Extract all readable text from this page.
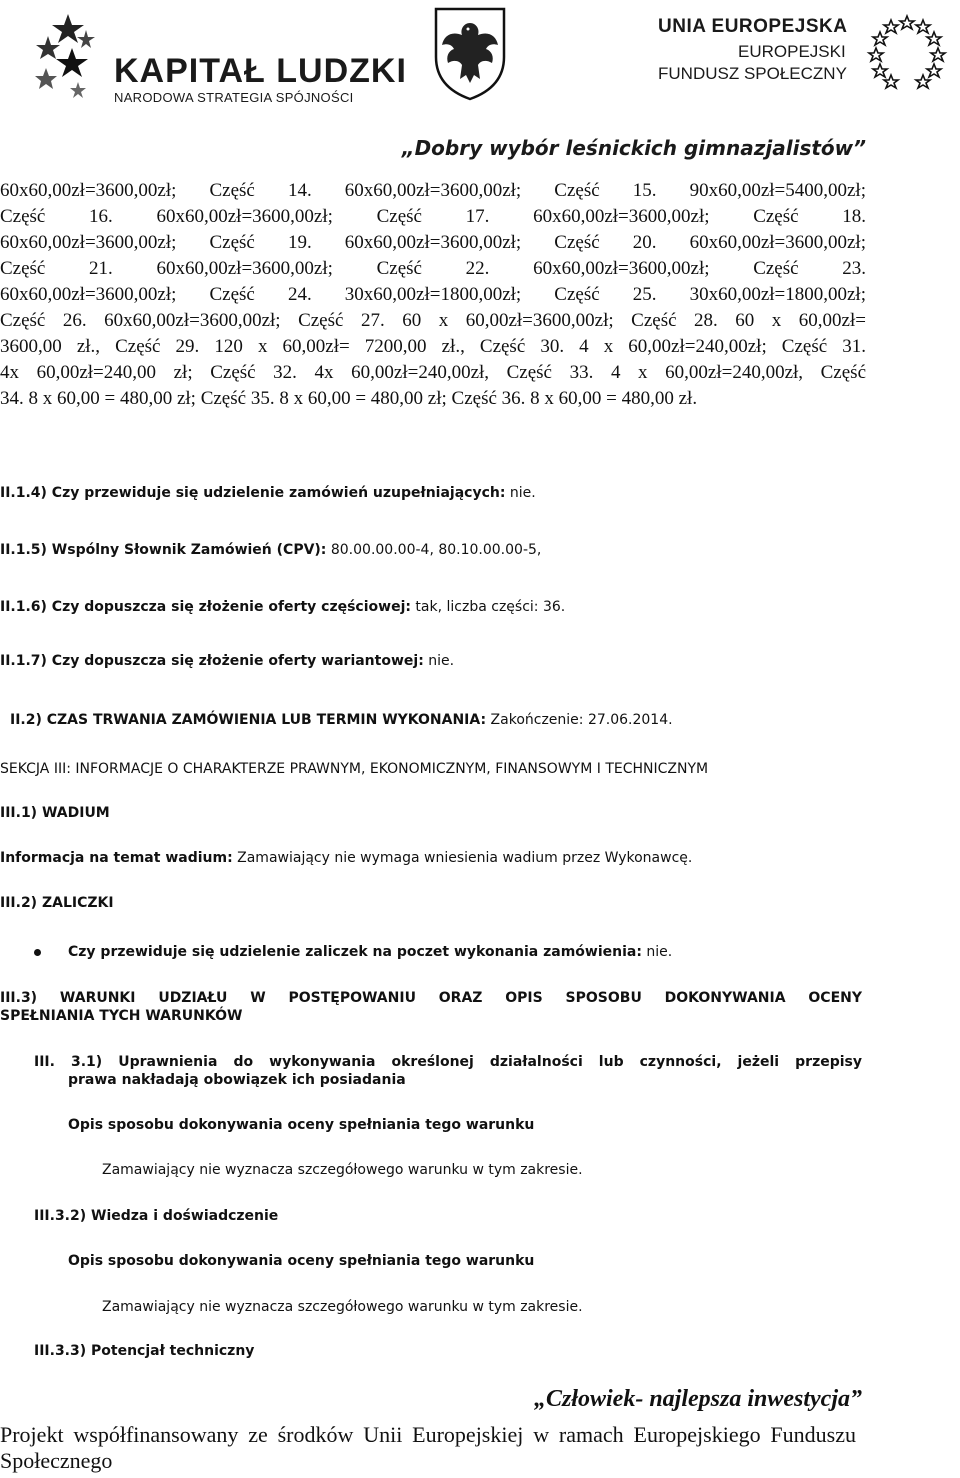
KAPITAŁ LUDZKI
NARODOWA STRATEGIA SPÓJNOŚCI
UNIA EUROPEJSKA
EUROPEJSKI
FUNDUSZ SPOŁECZNY
„Dobry wybór leśnickich gimnazjalistów”
60x60,00zł=3600,00zł; Część 14. 60x60,00zł=3600,00zł; Część 15. 90x60,00zł=5400,00zł;
Część 16. 60x60,00zł=3600,00zł; Część 17. 60x60,00zł=3600,00zł; Część 18.
60x60,00zł=3600,00zł; Część 19. 60x60,00zł=3600,00zł; Część 20. 60x60,00zł=3600,00zł;
Część 21. 60x60,00zł=3600,00zł; Część 22. 60x60,00zł=3600,00zł; Część 23.
60x60,00zł=3600,00zł; Część 24. 30x60,00zł=1800,00zł; Część 25. 30x60,00zł=1800,00zł;
Część 26. 60x60,00zł=3600,00zł; Część 27. 60 x 60,00zł=3600,00zł; Część 28. 60 x 60,00zł=
3600,00 zł., Część 29. 120 x 60,00zł= 7200,00 zł., Część 30. 4 x 60,00zł=240,00zł; Część 31.
4x 60,00zł=240,00 zł; Część 32. 4x 60,00zł=240,00zł, Część 33. 4 x 60,00zł=240,00zł, Część
34. 8 x 60,00 = 480,00 zł; Część 35. 8 x 60,00 = 480,00 zł; Część 36. 8 x 60,00 = 480,00 zł.
II.1.4) Czy przewiduje się udzielenie zamówień uzupełniających: nie.
II.1.5) Wspólny Słownik Zamówień (CPV): 80.00.00.00-4, 80.10.00.00-5,
II.1.6) Czy dopuszcza się złożenie oferty częściowej: tak, liczba części: 36.
II.1.7) Czy dopuszcza się złożenie oferty wariantowej: nie.
II.2) CZAS TRWANIA ZAMÓWIENIA LUB TERMIN WYKONANIA: Zakończenie: 27.06.2014.
SEKCJA III: INFORMACJE O CHARAKTERZE PRAWNYM, EKONOMICZNYM, FINANSOWYM I TECHNICZNYM
III.1) WADIUM
Informacja na temat wadium: Zamawiający nie wymaga wniesienia wadium przez Wykonawcę.
III.2) ZALICZKI
Czy przewiduje się udzielenie zaliczek na poczet wykonania zamówienia: nie.
III.3) WARUNKI UDZIAŁU W POSTĘPOWANIU ORAZ OPIS SPOSOBU DOKONYWANIA OCENY
SPEŁNIANIA TYCH WARUNKÓW
III. 3.1) Uprawnienia do wykonywania określonej działalności lub czynności, jeżeli przepisy
prawa nakładają obowiązek ich posiadania
Opis sposobu dokonywania oceny spełniania tego warunku
Zamawiający nie wyznacza szczegółowego warunku w tym zakresie.
III.3.2) Wiedza i doświadczenie
Opis sposobu dokonywania oceny spełniania tego warunku
Zamawiający nie wyznacza szczegółowego warunku w tym zakresie.
III.3.3) Potencjał techniczny
„Człowiek- najlepsza inwestycja”
Projekt współfinansowany ze środków Unii Europejskiej w ramach Europejskiego Funduszu
Społecznego
